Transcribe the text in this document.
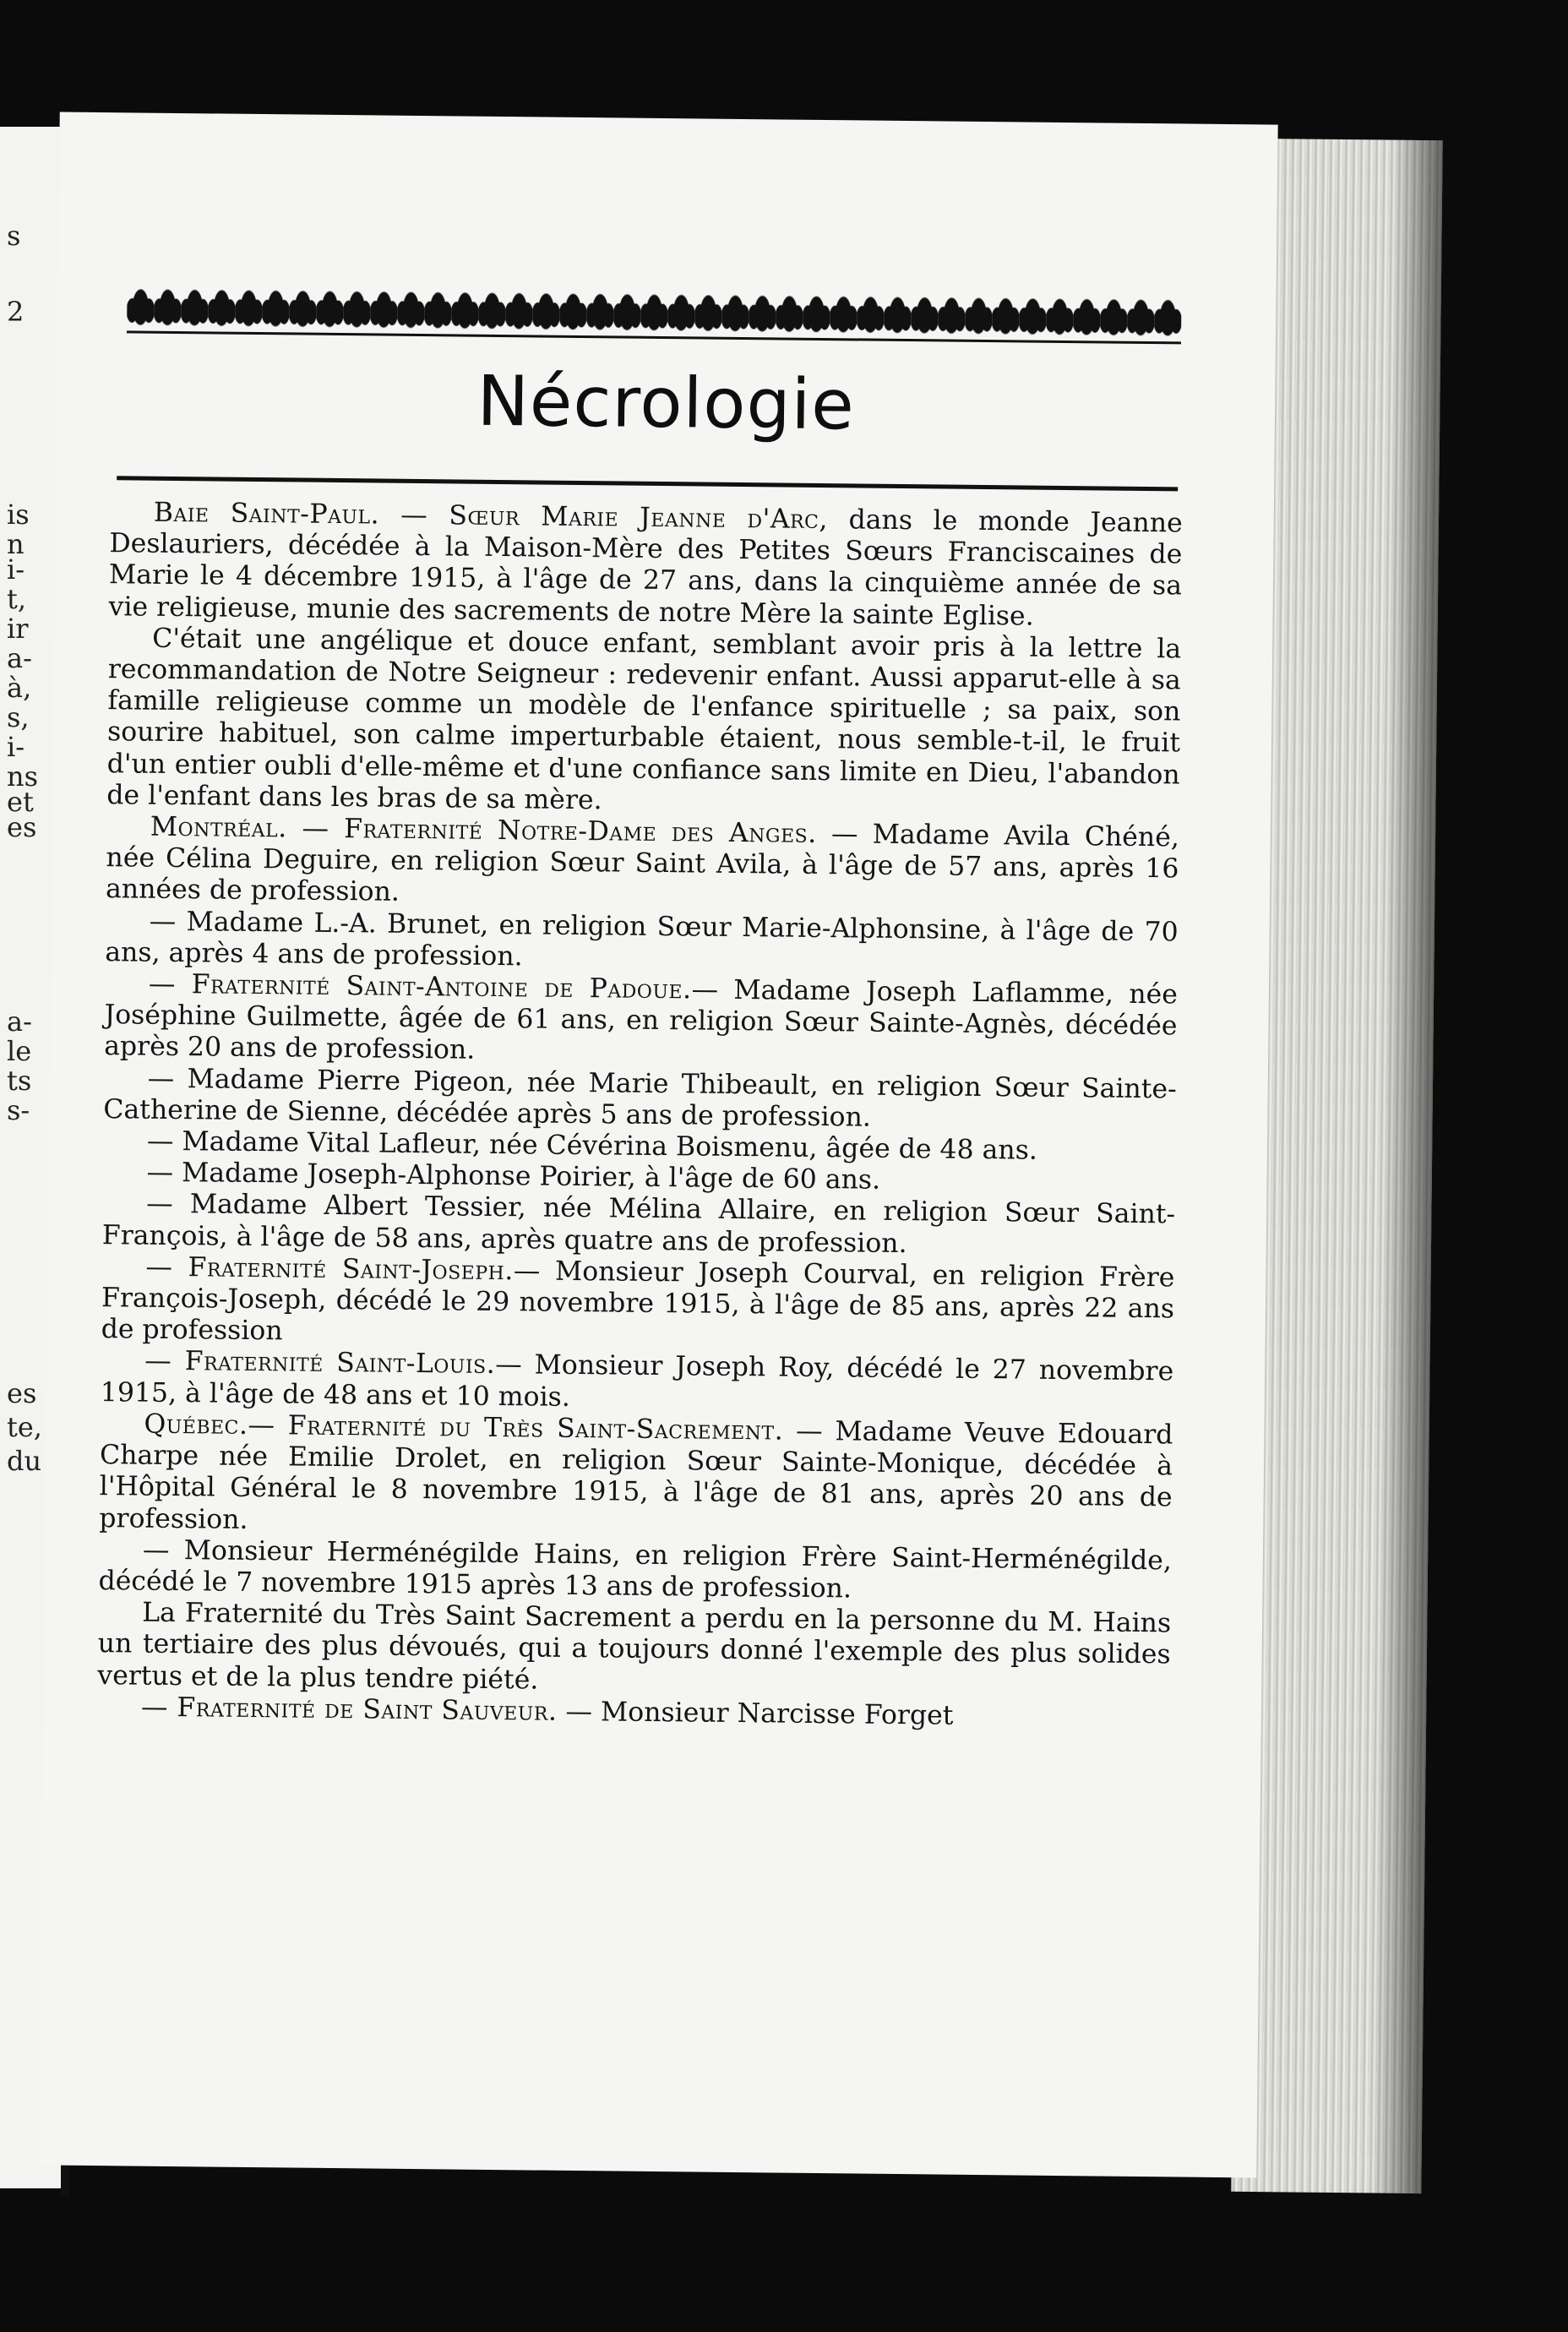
s
2
is
n
i-
t,
ir
a-
à,
s,
i-
ns
et
es
a-
le
ts
s-
es
te,
du
Nécrologie

Baie Saint-Paul. — Sœur Marie Jeanne d'Arc, dans le monde Jeanne Deslauriers, décédée à la Maison-Mère des Petites Sœurs Franciscaines de Marie le 4 décembre 1915, à l'âge de 27 ans, dans la cinquième année de sa vie religieuse, munie des sacrements de notre Mère la sainte Eglise.

C'était une angélique et douce enfant, semblant avoir pris à la lettre la recommandation de Notre Seigneur : redevenir enfant. Aussi apparut-elle à sa famille religieuse comme un modèle de l'enfance spirituelle ; sa paix, son sourire habituel, son calme imperturbable étaient, nous semble-t-il, le fruit d'un entier oubli d'elle-même et d'une confiance sans limite en Dieu, l'abandon de l'enfant dans les bras de sa mère.

Montréal. — Fraternité Notre-Dame des Anges. — Madame Avila Chéné, née Célina Deguire, en religion Sœur Saint Avila, à l'âge de 57 ans, après 16 années de profession.

— Madame L.-A. Brunet, en religion Sœur Marie-Alphonsine, à l'âge de 70 ans, après 4 ans de profession.

— Fraternité Saint-Antoine de Padoue.— Madame Joseph Laflamme, née Joséphine Guilmette, âgée de 61 ans, en religion Sœur Sainte-Agnès, décédée après 20 ans de profession.

— Madame Pierre Pigeon, née Marie Thibeault, en religion Sœur Sainte-Catherine de Sienne, décédée après 5 ans de profession.

— Madame Vital Lafleur, née Cévérina Boismenu, âgée de 48 ans.

— Madame Joseph-Alphonse Poirier, à l'âge de 60 ans.

— Madame Albert Tessier, née Mélina Allaire, en religion Sœur Saint-François, à l'âge de 58 ans, après quatre ans de profession.

— Fraternité Saint-Joseph.— Monsieur Joseph Courval, en religion Frère François-Joseph, décédé le 29 novembre 1915, à l'âge de 85 ans, après 22 ans de profession

— Fraternité Saint-Louis.— Monsieur Joseph Roy, décédé le 27 novembre 1915, à l'âge de 48 ans et 10 mois.

Québec.— Fraternité du Très Saint-Sacrement. — Madame Veuve Edouard Charpe née Emilie Drolet, en religion Sœur Sainte-Monique, décédée à l'Hôpital Général le 8 novembre 1915, à l'âge de 81 ans, après 20 ans de profession.

— Monsieur Herménégilde Hains, en religion Frère Saint-Herménégilde, décédé le 7 novembre 1915 après 13 ans de profession.

La Fraternité du Très Saint Sacrement a perdu en la personne du M. Hains un tertiaire des plus dévoués, qui a toujours donné l'exemple des plus solides vertus et de la plus tendre piété.

— Fraternité de Saint Sauveur. — Monsieur Narcisse Forget
